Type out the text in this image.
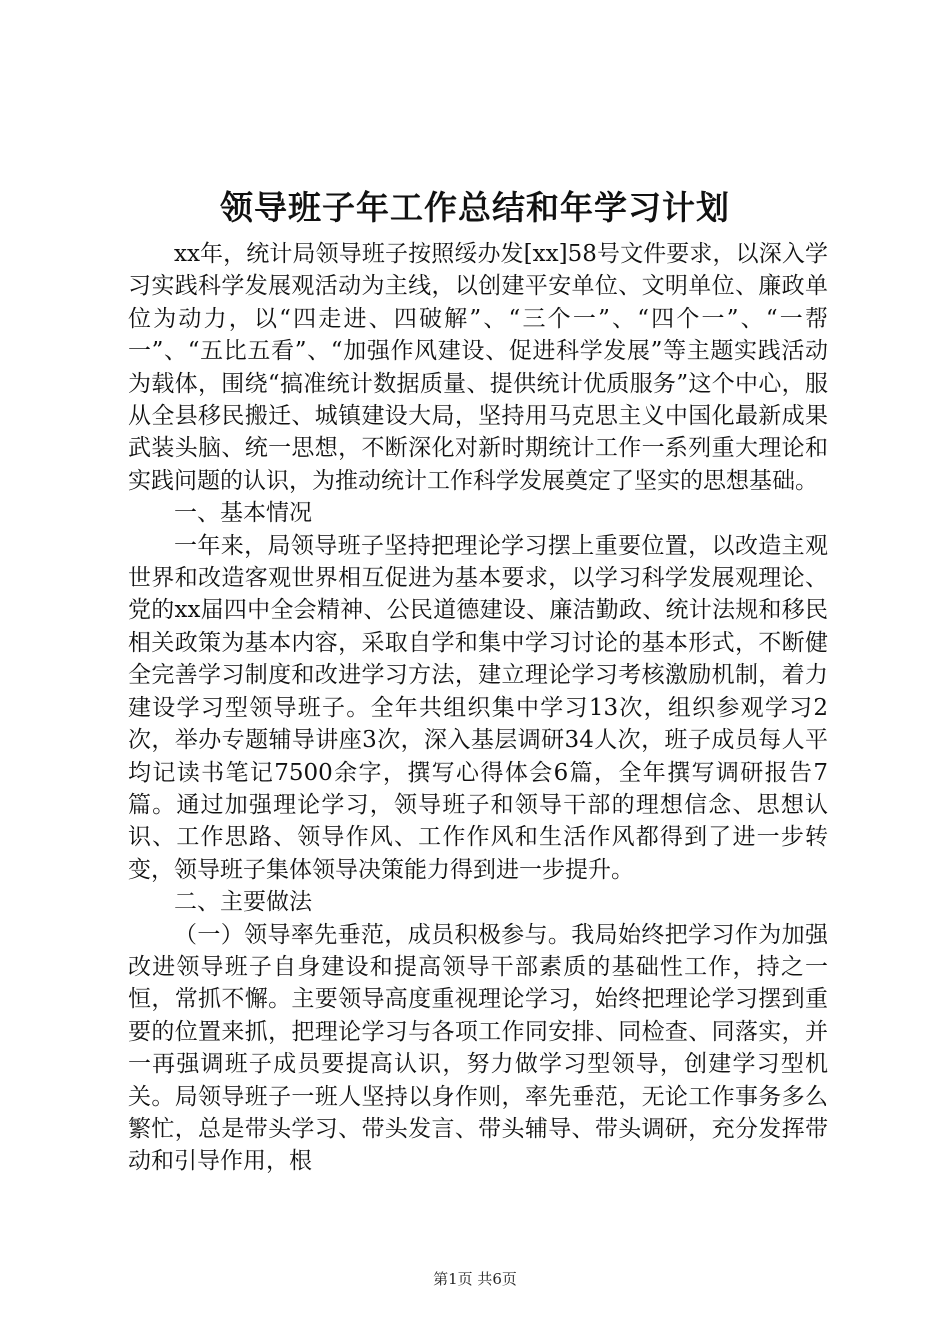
领导班子年工作总结和年学习计划

xx年，统计局领导班子按照绥办发[xx]58号文件要求，以深入学习实践科学发展观活动为主线，以创建平安单位、文明单位、廉政单位为动力，以“四走进、四破解”、“三个一”、“四个一”、“一帮一”、“五比五看”、“加强作风建设、促进科学发展”等主题实践活动为载体，围绕“搞准统计数据质量、提供统计优质服务”这个中心，服从全县移民搬迁、城镇建设大局，坚持用马克思主义中国化最新成果武装头脑、统一思想，不断深化对新时期统计工作一系列重大理论和实践问题的认识，为推动统计工作科学发展奠定了坚实的思想基础。

一、基本情况

一年来，局领导班子坚持把理论学习摆上重要位置，以改造主观世界和改造客观世界相互促进为基本要求，以学习科学发展观理论、党的xx届四中全会精神、公民道德建设、廉洁勤政、统计法规和移民相关政策为基本内容，采取自学和集中学习讨论的基本形式，不断健全完善学习制度和改进学习方法，建立理论学习考核激励机制，着力建设学习型领导班子。全年共组织集中学习13次，组织参观学习2次，举办专题辅导讲座3次，深入基层调研34人次，班子成员每人平均记读书笔记7500余字，撰写心得体会6篇，全年撰写调研报告7篇。通过加强理论学习，领导班子和领导干部的理想信念、思想认识、工作思路、领导作风、工作作风和生活作风都得到了进一步转变，领导班子集体领导决策能力得到进一步提升。

二、主要做法

（一）领导率先垂范，成员积极参与。我局始终把学习作为加强改进领导班子自身建设和提高领导干部素质的基础性工作，持之一恒，常抓不懈。主要领导高度重视理论学习，始终把理论学习摆到重要的位置来抓，把理论学习与各项工作同安排、同检查、同落实，并一再强调班子成员要提高认识，努力做学习型领导，创建学习型机关。局领导班子一班人坚持以身作则，率先垂范，无论工作事务多么繁忙，总是带头学习、带头发言、带头辅导、带头调研，充分发挥带动和引导作用，根

第1页 共6页
